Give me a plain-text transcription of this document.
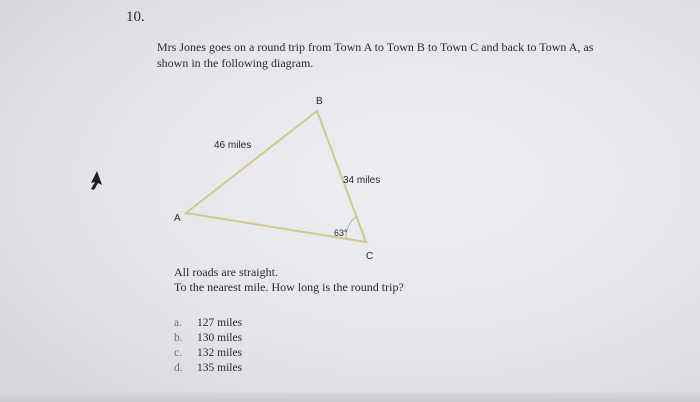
10.
Mrs Jones goes on a round trip from Town A to Town B to Town C and back to Town A, as
shown in the following diagram.
B
A
C
46 miles
34 miles
63°
All roads are straight.
To the nearest mile. How long is the round trip?
a.	127 miles
b.	130 miles
c.	132 miles
d.	135 miles
